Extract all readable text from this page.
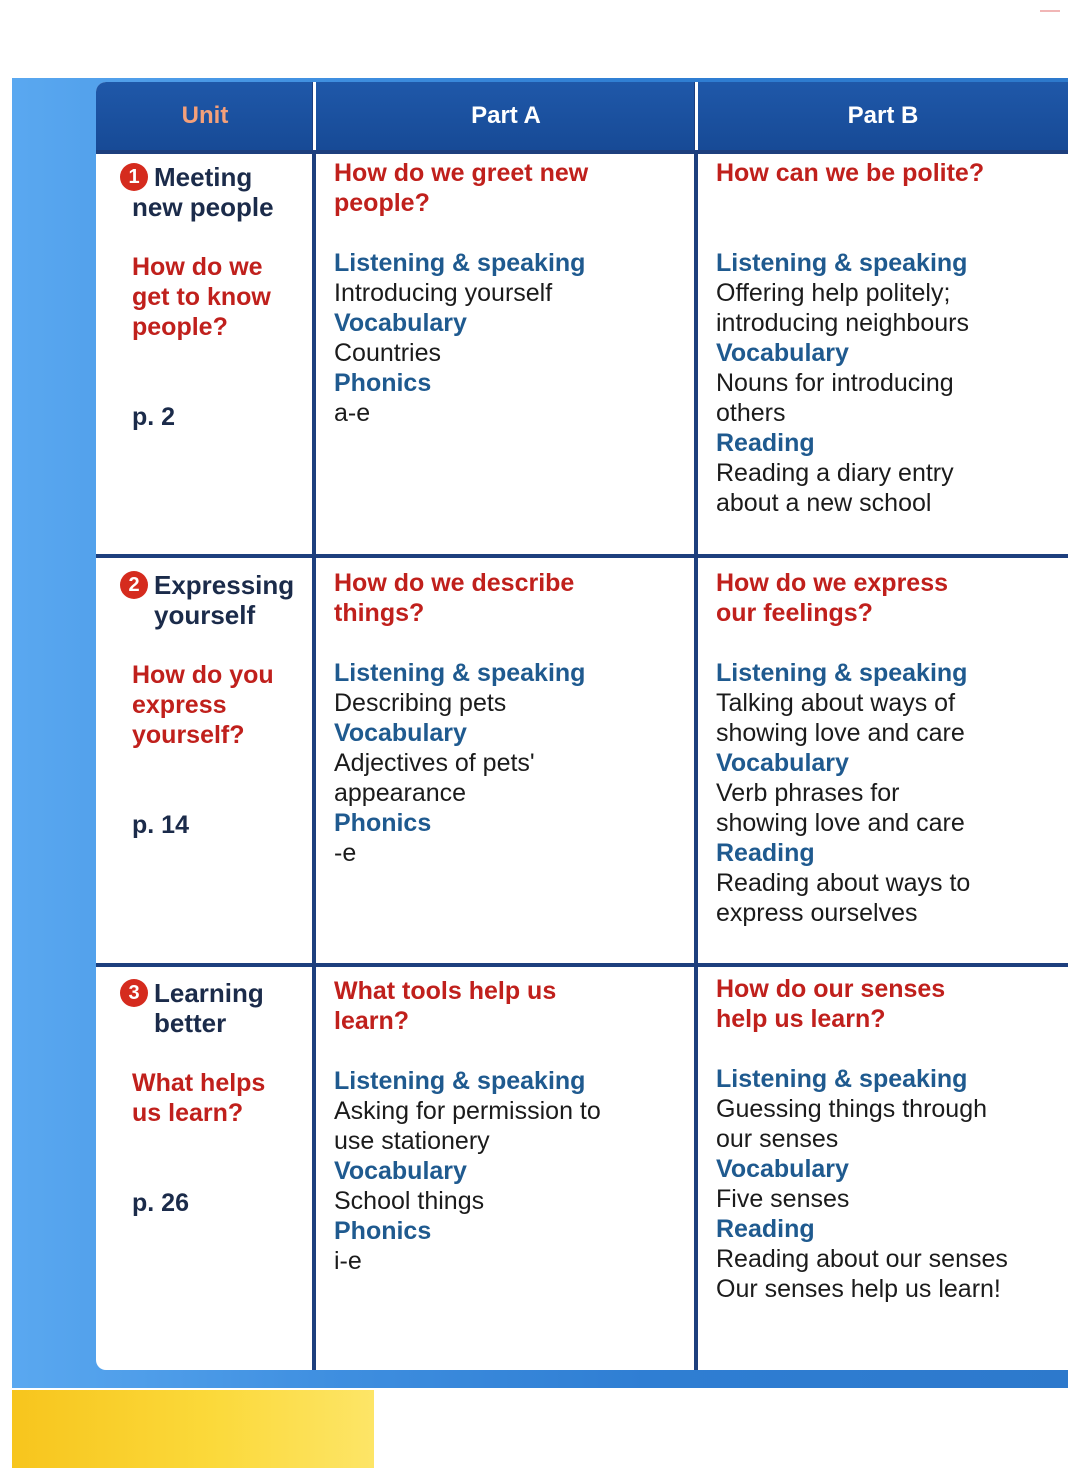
Unit	Part A	Part B
1 Meeting
new people
How do we
get to know
people?
p. 2
How do we greet new
people?
Listening & speaking
Introducing yourself
Vocabulary
Countries
Phonics
a-e
How can we be polite?
Listening & speaking
Offering help politely;
introducing neighbours
Vocabulary
Nouns for introducing
others
Reading
Reading a diary entry
about a new school
2 Expressing
yourself
How do you
express
yourself?
p. 14
How do we describe
things?
Listening & speaking
Describing pets
Vocabulary
Adjectives of pets'
appearance
Phonics
-e
How do we express
our feelings?
Listening & speaking
Talking about ways of
showing love and care
Vocabulary
Verb phrases for
showing love and care
Reading
Reading about ways to
express ourselves
3 Learning
better
What helps
us learn?
p. 26
What tools help us
learn?
Listening & speaking
Asking for permission to
use stationery
Vocabulary
School things
Phonics
i-e
How do our senses
help us learn?
Listening & speaking
Guessing things through
our senses
Vocabulary
Five senses
Reading
Reading about our senses
Our senses help us learn!
